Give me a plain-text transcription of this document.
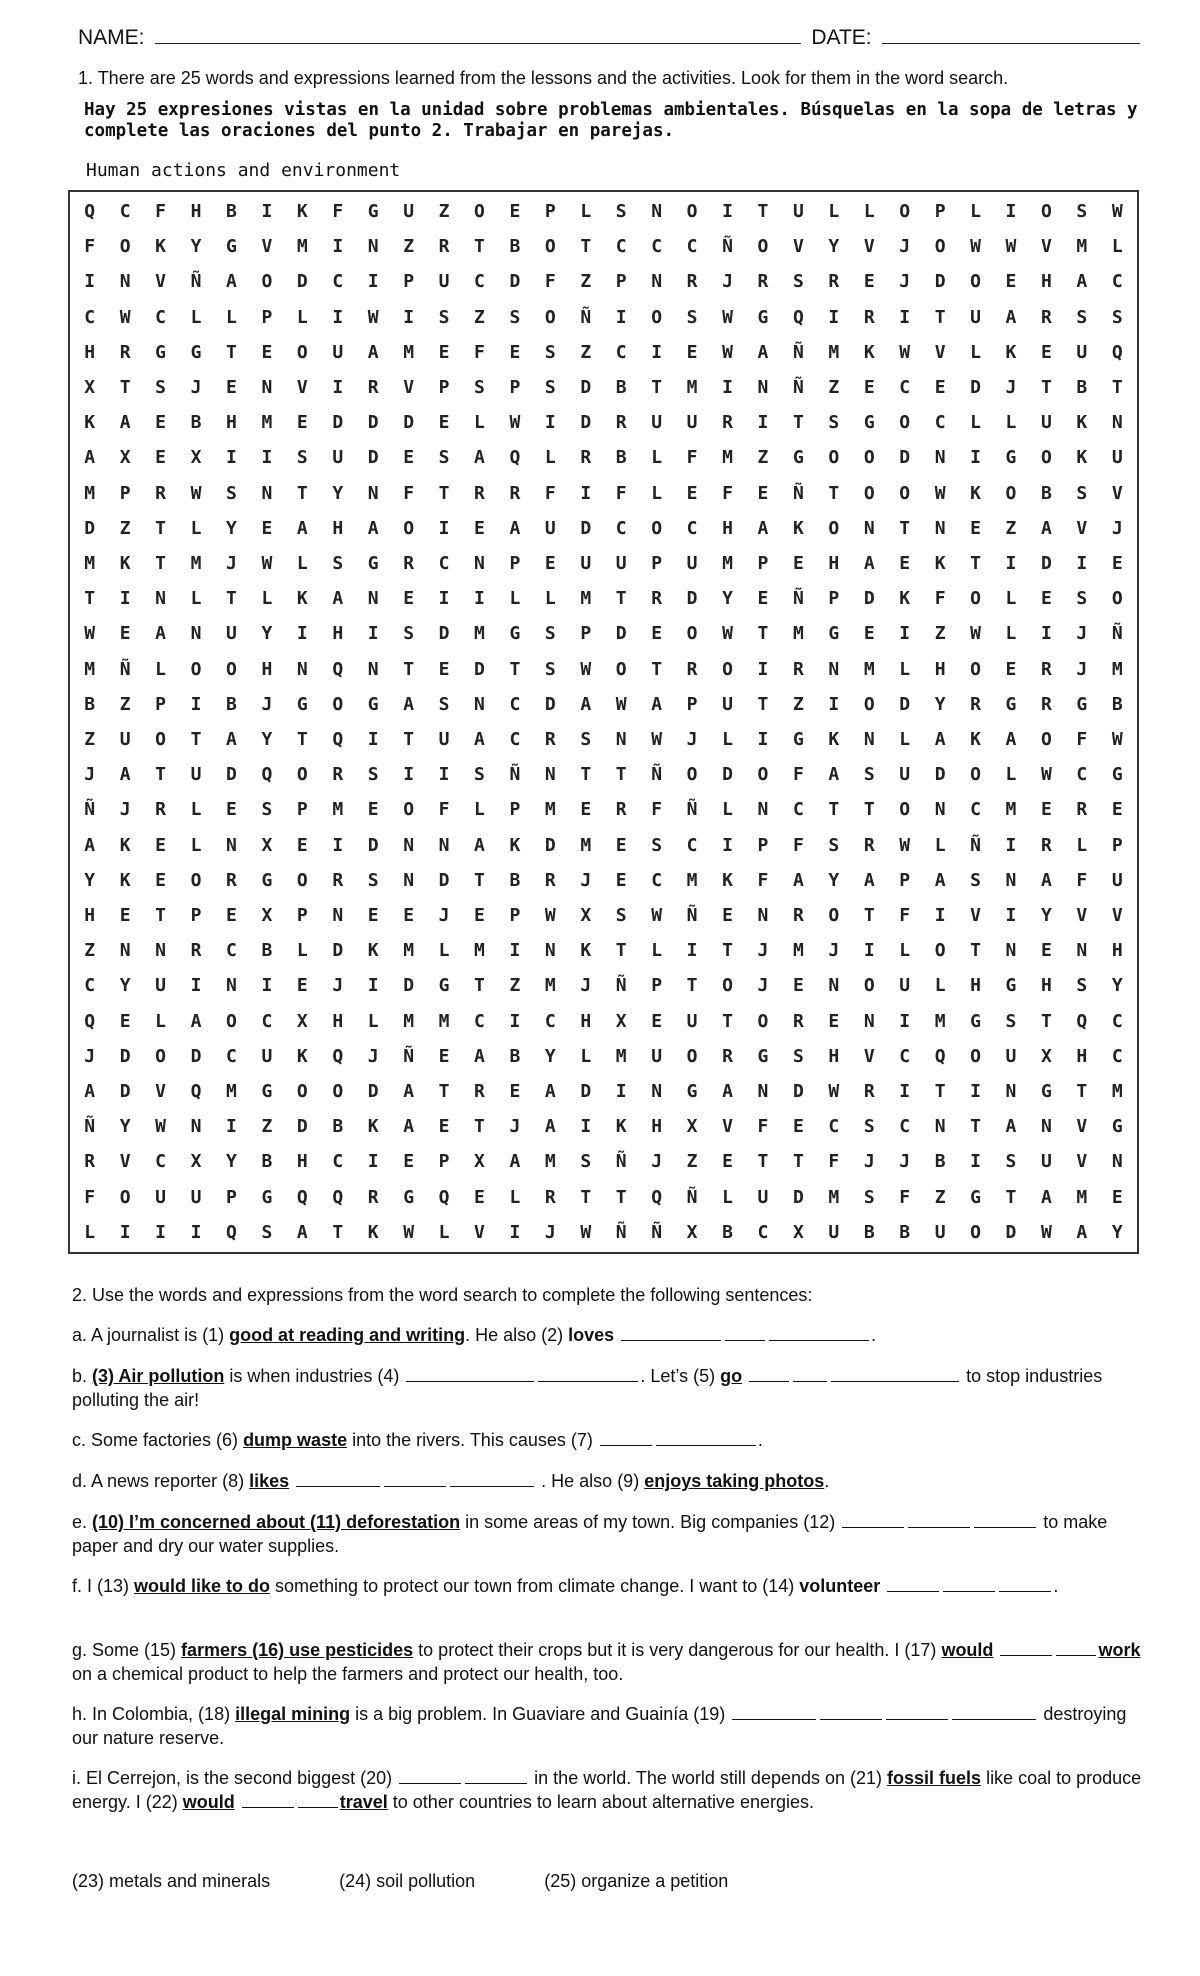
NAME:	DATE:
1. There are 25 words and expressions learned from the lessons and the activities. Look for them in the word search.
Hay 25 expresiones vistas en la unidad sobre problemas ambientales. Búsquelas en la sopa de letras y complete las oraciones del punto 2. Trabajar en parejas.
Human actions and environment
Q	C	F	H	B	I	K	F	G	U	Z	O	E	P	L	S	N	O	I	T	U	L	L	O	P	L	I	O	S	W
F	O	K	Y	G	V	M	I	N	Z	R	T	B	O	T	C	C	C	Ñ	O	V	Y	V	J	O	W	W	V	M	L
I	N	V	Ñ	A	O	D	C	I	P	U	C	D	F	Z	P	N	R	J	R	S	R	E	J	D	O	E	H	A	C
C	W	C	L	L	P	L	I	W	I	S	Z	S	O	Ñ	I	O	S	W	G	Q	I	R	I	T	U	A	R	S	S
H	R	G	G	T	E	O	U	A	M	E	F	E	S	Z	C	I	E	W	A	Ñ	M	K	W	V	L	K	E	U	Q
X	T	S	J	E	N	V	I	R	V	P	S	P	S	D	B	T	M	I	N	Ñ	Z	E	C	E	D	J	T	B	T
K	A	E	B	H	M	E	D	D	D	E	L	W	I	D	R	U	U	R	I	T	S	G	O	C	L	L	U	K	N
A	X	E	X	I	I	S	U	D	E	S	A	Q	L	R	B	L	F	M	Z	G	O	O	D	N	I	G	O	K	U
M	P	R	W	S	N	T	Y	N	F	T	R	R	F	I	F	L	E	F	E	Ñ	T	O	O	W	K	O	B	S	V
D	Z	T	L	Y	E	A	H	A	O	I	E	A	U	D	C	O	C	H	A	K	O	N	T	N	E	Z	A	V	J
M	K	T	M	J	W	L	S	G	R	C	N	P	E	U	U	P	U	M	P	E	H	A	E	K	T	I	D	I	E
T	I	N	L	T	L	K	A	N	E	I	I	L	L	M	T	R	D	Y	E	Ñ	P	D	K	F	O	L	E	S	O
W	E	A	N	U	Y	I	H	I	S	D	M	G	S	P	D	E	O	W	T	M	G	E	I	Z	W	L	I	J	Ñ
M	Ñ	L	O	O	H	N	Q	N	T	E	D	T	S	W	O	T	R	O	I	R	N	M	L	H	O	E	R	J	M
B	Z	P	I	B	J	G	O	G	A	S	N	C	D	A	W	A	P	U	T	Z	I	O	D	Y	R	G	R	G	B
Z	U	O	T	A	Y	T	Q	I	T	U	A	C	R	S	N	W	J	L	I	G	K	N	L	A	K	A	O	F	W
J	A	T	U	D	Q	O	R	S	I	I	S	Ñ	N	T	T	Ñ	O	D	O	F	A	S	U	D	O	L	W	C	G
Ñ	J	R	L	E	S	P	M	E	O	F	L	P	M	E	R	F	Ñ	L	N	C	T	T	O	N	C	M	E	R	E
A	K	E	L	N	X	E	I	D	N	N	A	K	D	M	E	S	C	I	P	F	S	R	W	L	Ñ	I	R	L	P
Y	K	E	O	R	G	O	R	S	N	D	T	B	R	J	E	C	M	K	F	A	Y	A	P	A	S	N	A	F	U
H	E	T	P	E	X	P	N	E	E	J	E	P	W	X	S	W	Ñ	E	N	R	O	T	F	I	V	I	Y	V	V
Z	N	N	R	C	B	L	D	K	M	L	M	I	N	K	T	L	I	T	J	M	J	I	L	O	T	N	E	N	H
C	Y	U	I	N	I	E	J	I	D	G	T	Z	M	J	Ñ	P	T	O	J	E	N	O	U	L	H	G	H	S	Y
Q	E	L	A	O	C	X	H	L	M	M	C	I	C	H	X	E	U	T	O	R	E	N	I	M	G	S	T	Q	C
J	D	O	D	C	U	K	Q	J	Ñ	E	A	B	Y	L	M	U	O	R	G	S	H	V	C	Q	O	U	X	H	C
A	D	V	Q	M	G	O	O	D	A	T	R	E	A	D	I	N	G	A	N	D	W	R	I	T	I	N	G	T	M
Ñ	Y	W	N	I	Z	D	B	K	A	E	T	J	A	I	K	H	X	V	F	E	C	S	C	N	T	A	N	V	G
R	V	C	X	Y	B	H	C	I	E	P	X	A	M	S	Ñ	J	Z	E	T	T	F	J	J	B	I	S	U	V	N
F	O	U	U	P	G	Q	Q	R	G	Q	E	L	R	T	T	Q	Ñ	L	U	D	M	S	F	Z	G	T	A	M	E
L	I	I	I	Q	S	A	T	K	W	L	V	I	J	W	Ñ	Ñ	X	B	C	X	U	B	B	U	O	D	W	A	Y
2. Use the words and expressions from the word search to complete the following sentences:
a. A journalist is (1) good at reading and writing. He also (2) loves	.
b. (3) Air pollution is when industries (4)	. Let’s (5) go	to stop industries polluting the air!
c. Some factories (6) dump waste into the rivers. This causes (7)	.
d. A news reporter (8) likes	. He also (9) enjoys taking photos.
e. (10) I’m concerned about (11) deforestation in some areas of my town. Big companies (12)	to make paper and dry our water supplies.
f. I (13) would like to do something to protect our town from climate change. I want to (14) volunteer	.
g. Some (15) farmers (16) use pesticides to protect their crops but it is very dangerous for our health. I (17) would	work on a chemical product to help the farmers and protect our health, too.
h. In Colombia, (18) illegal mining is a big problem. In Guaviare and Guainía (19)	destroying our nature reserve.
i. El Cerrejon, is the second biggest (20)	in the world. The world still depends on (21) fossil fuels like coal to produce energy. I (22) would	travel to other countries to learn about alternative energies.
(23) metals and minerals	(24) soil pollution	(25) organize a petition
